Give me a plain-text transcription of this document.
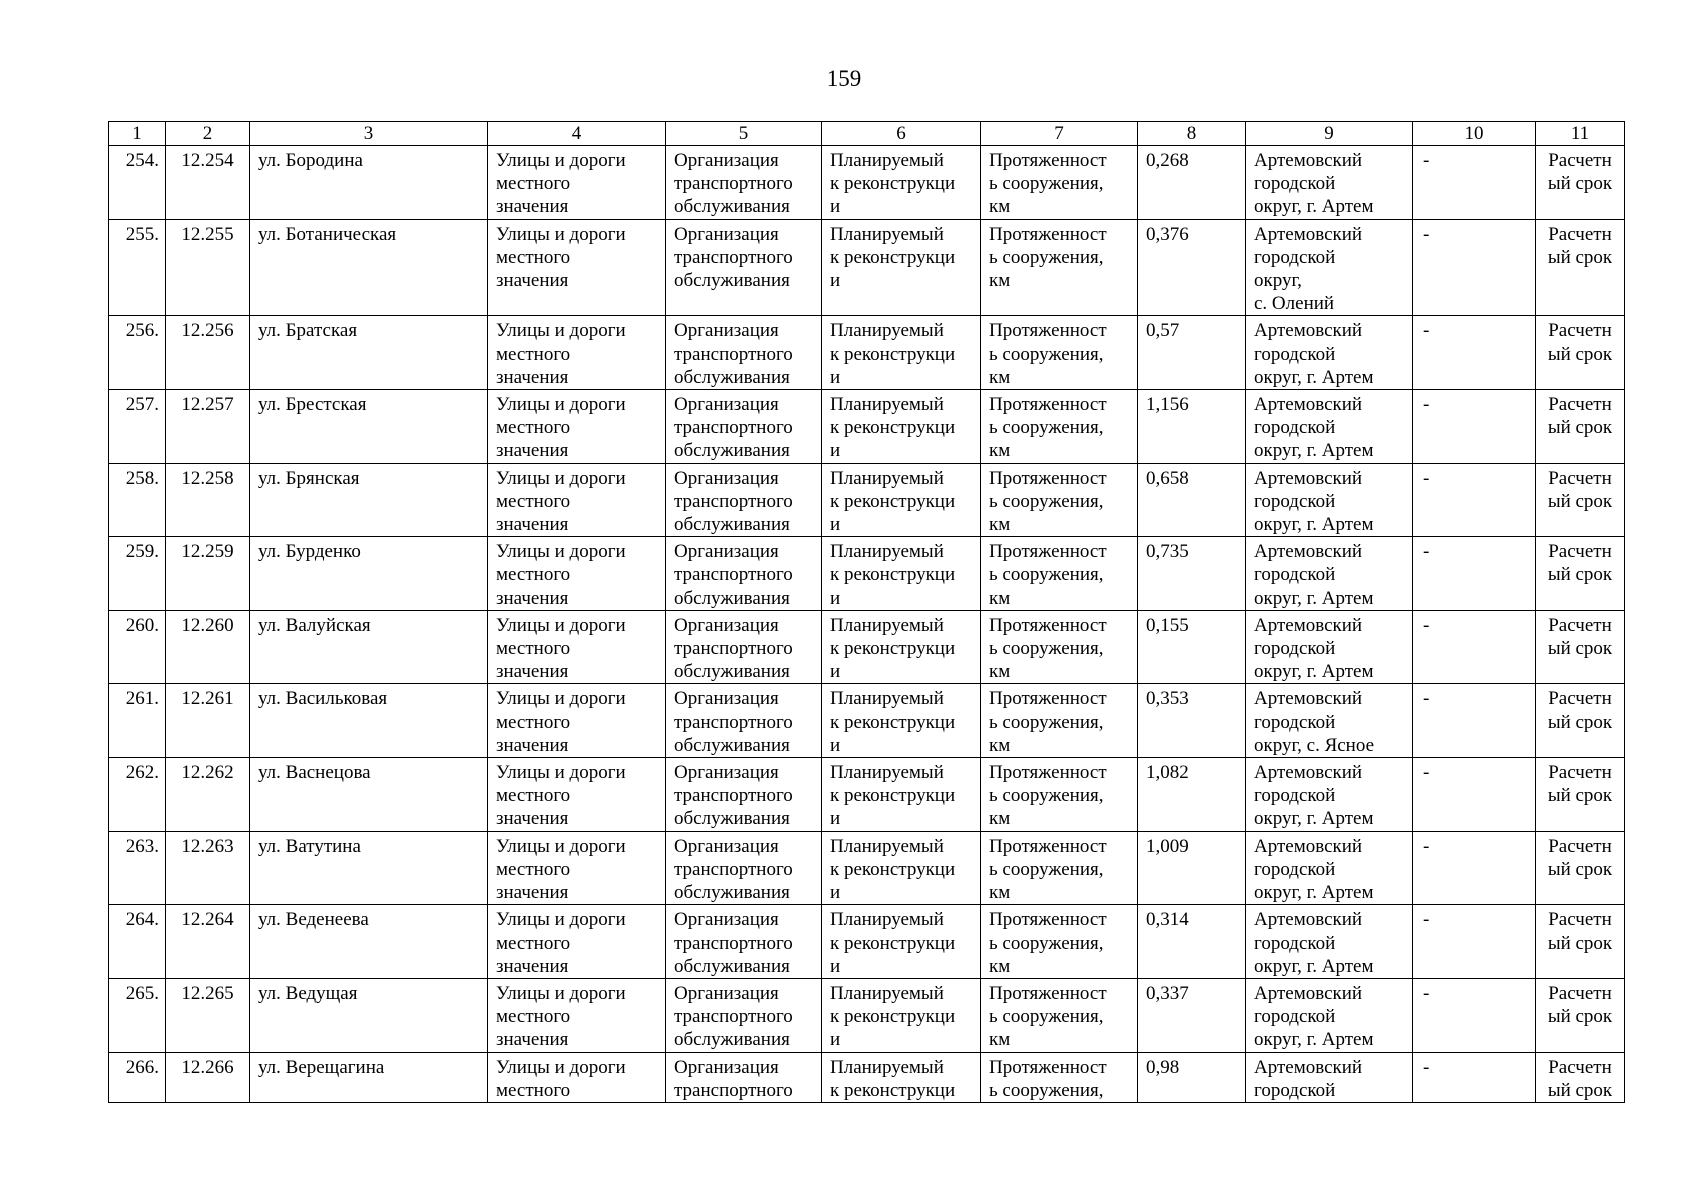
159
1	2	3	4	5	6	7	8	9	10	11
254.	12.254	ул. Бородина	Улицы и дороги
местного
значения	Организация
транспортного
обслуживания	Планируемый
к реконструкци
и	Протяженност
ь сооружения,
км	0,268	Артемовский
городской
округ, г. Артем	-	Расчетн
ый срок

255.	12.255	ул. Ботаническая	Улицы и дороги
местного
значения	Организация
транспортного
обслуживания	Планируемый
к реконструкци
и	Протяженност
ь сооружения,
км	0,376	Артемовский
городской
округ,
с. Олений	-	Расчетн
ый срок

256.	12.256	ул. Братская	Улицы и дороги
местного
значения	Организация
транспортного
обслуживания	Планируемый
к реконструкци
и	Протяженност
ь сооружения,
км	0,57	Артемовский
городской
округ, г. Артем	-	Расчетн
ый срок

257.	12.257	ул. Брестская	Улицы и дороги
местного
значения	Организация
транспортного
обслуживания	Планируемый
к реконструкци
и	Протяженност
ь сооружения,
км	1,156	Артемовский
городской
округ, г. Артем	-	Расчетн
ый срок

258.	12.258	ул. Брянская	Улицы и дороги
местного
значения	Организация
транспортного
обслуживания	Планируемый
к реконструкци
и	Протяженност
ь сооружения,
км	0,658	Артемовский
городской
округ, г. Артем	-	Расчетн
ый срок

259.	12.259	ул. Бурденко	Улицы и дороги
местного
значения	Организация
транспортного
обслуживания	Планируемый
к реконструкци
и	Протяженност
ь сооружения,
км	0,735	Артемовский
городской
округ, г. Артем	-	Расчетн
ый срок

260.	12.260	ул. Валуйская	Улицы и дороги
местного
значения	Организация
транспортного
обслуживания	Планируемый
к реконструкци
и	Протяженност
ь сооружения,
км	0,155	Артемовский
городской
округ, г. Артем	-	Расчетн
ый срок

261.	12.261	ул. Васильковая	Улицы и дороги
местного
значения	Организация
транспортного
обслуживания	Планируемый
к реконструкци
и	Протяженност
ь сооружения,
км	0,353	Артемовский
городской
округ, с. Ясное	-	Расчетн
ый срок

262.	12.262	ул. Васнецова	Улицы и дороги
местного
значения	Организация
транспортного
обслуживания	Планируемый
к реконструкци
и	Протяженност
ь сооружения,
км	1,082	Артемовский
городской
округ, г. Артем	-	Расчетн
ый срок

263.	12.263	ул. Ватутина	Улицы и дороги
местного
значения	Организация
транспортного
обслуживания	Планируемый
к реконструкци
и	Протяженност
ь сооружения,
км	1,009	Артемовский
городской
округ, г. Артем	-	Расчетн
ый срок

264.	12.264	ул. Веденеева	Улицы и дороги
местного
значения	Организация
транспортного
обслуживания	Планируемый
к реконструкци
и	Протяженност
ь сооружения,
км	0,314	Артемовский
городской
округ, г. Артем	-	Расчетн
ый срок

265.	12.265	ул. Ведущая	Улицы и дороги
местного
значения	Организация
транспортного
обслуживания	Планируемый
к реконструкци
и	Протяженност
ь сооружения,
км	0,337	Артемовский
городской
округ, г. Артем	-	Расчетн
ый срок

266.	12.266	ул. Верещагина	Улицы и дороги
местного	Организация
транспортного	Планируемый
к реконструкци	Протяженност
ь сооружения,	0,98	Артемовский
городской	-	Расчетн
ый срок
